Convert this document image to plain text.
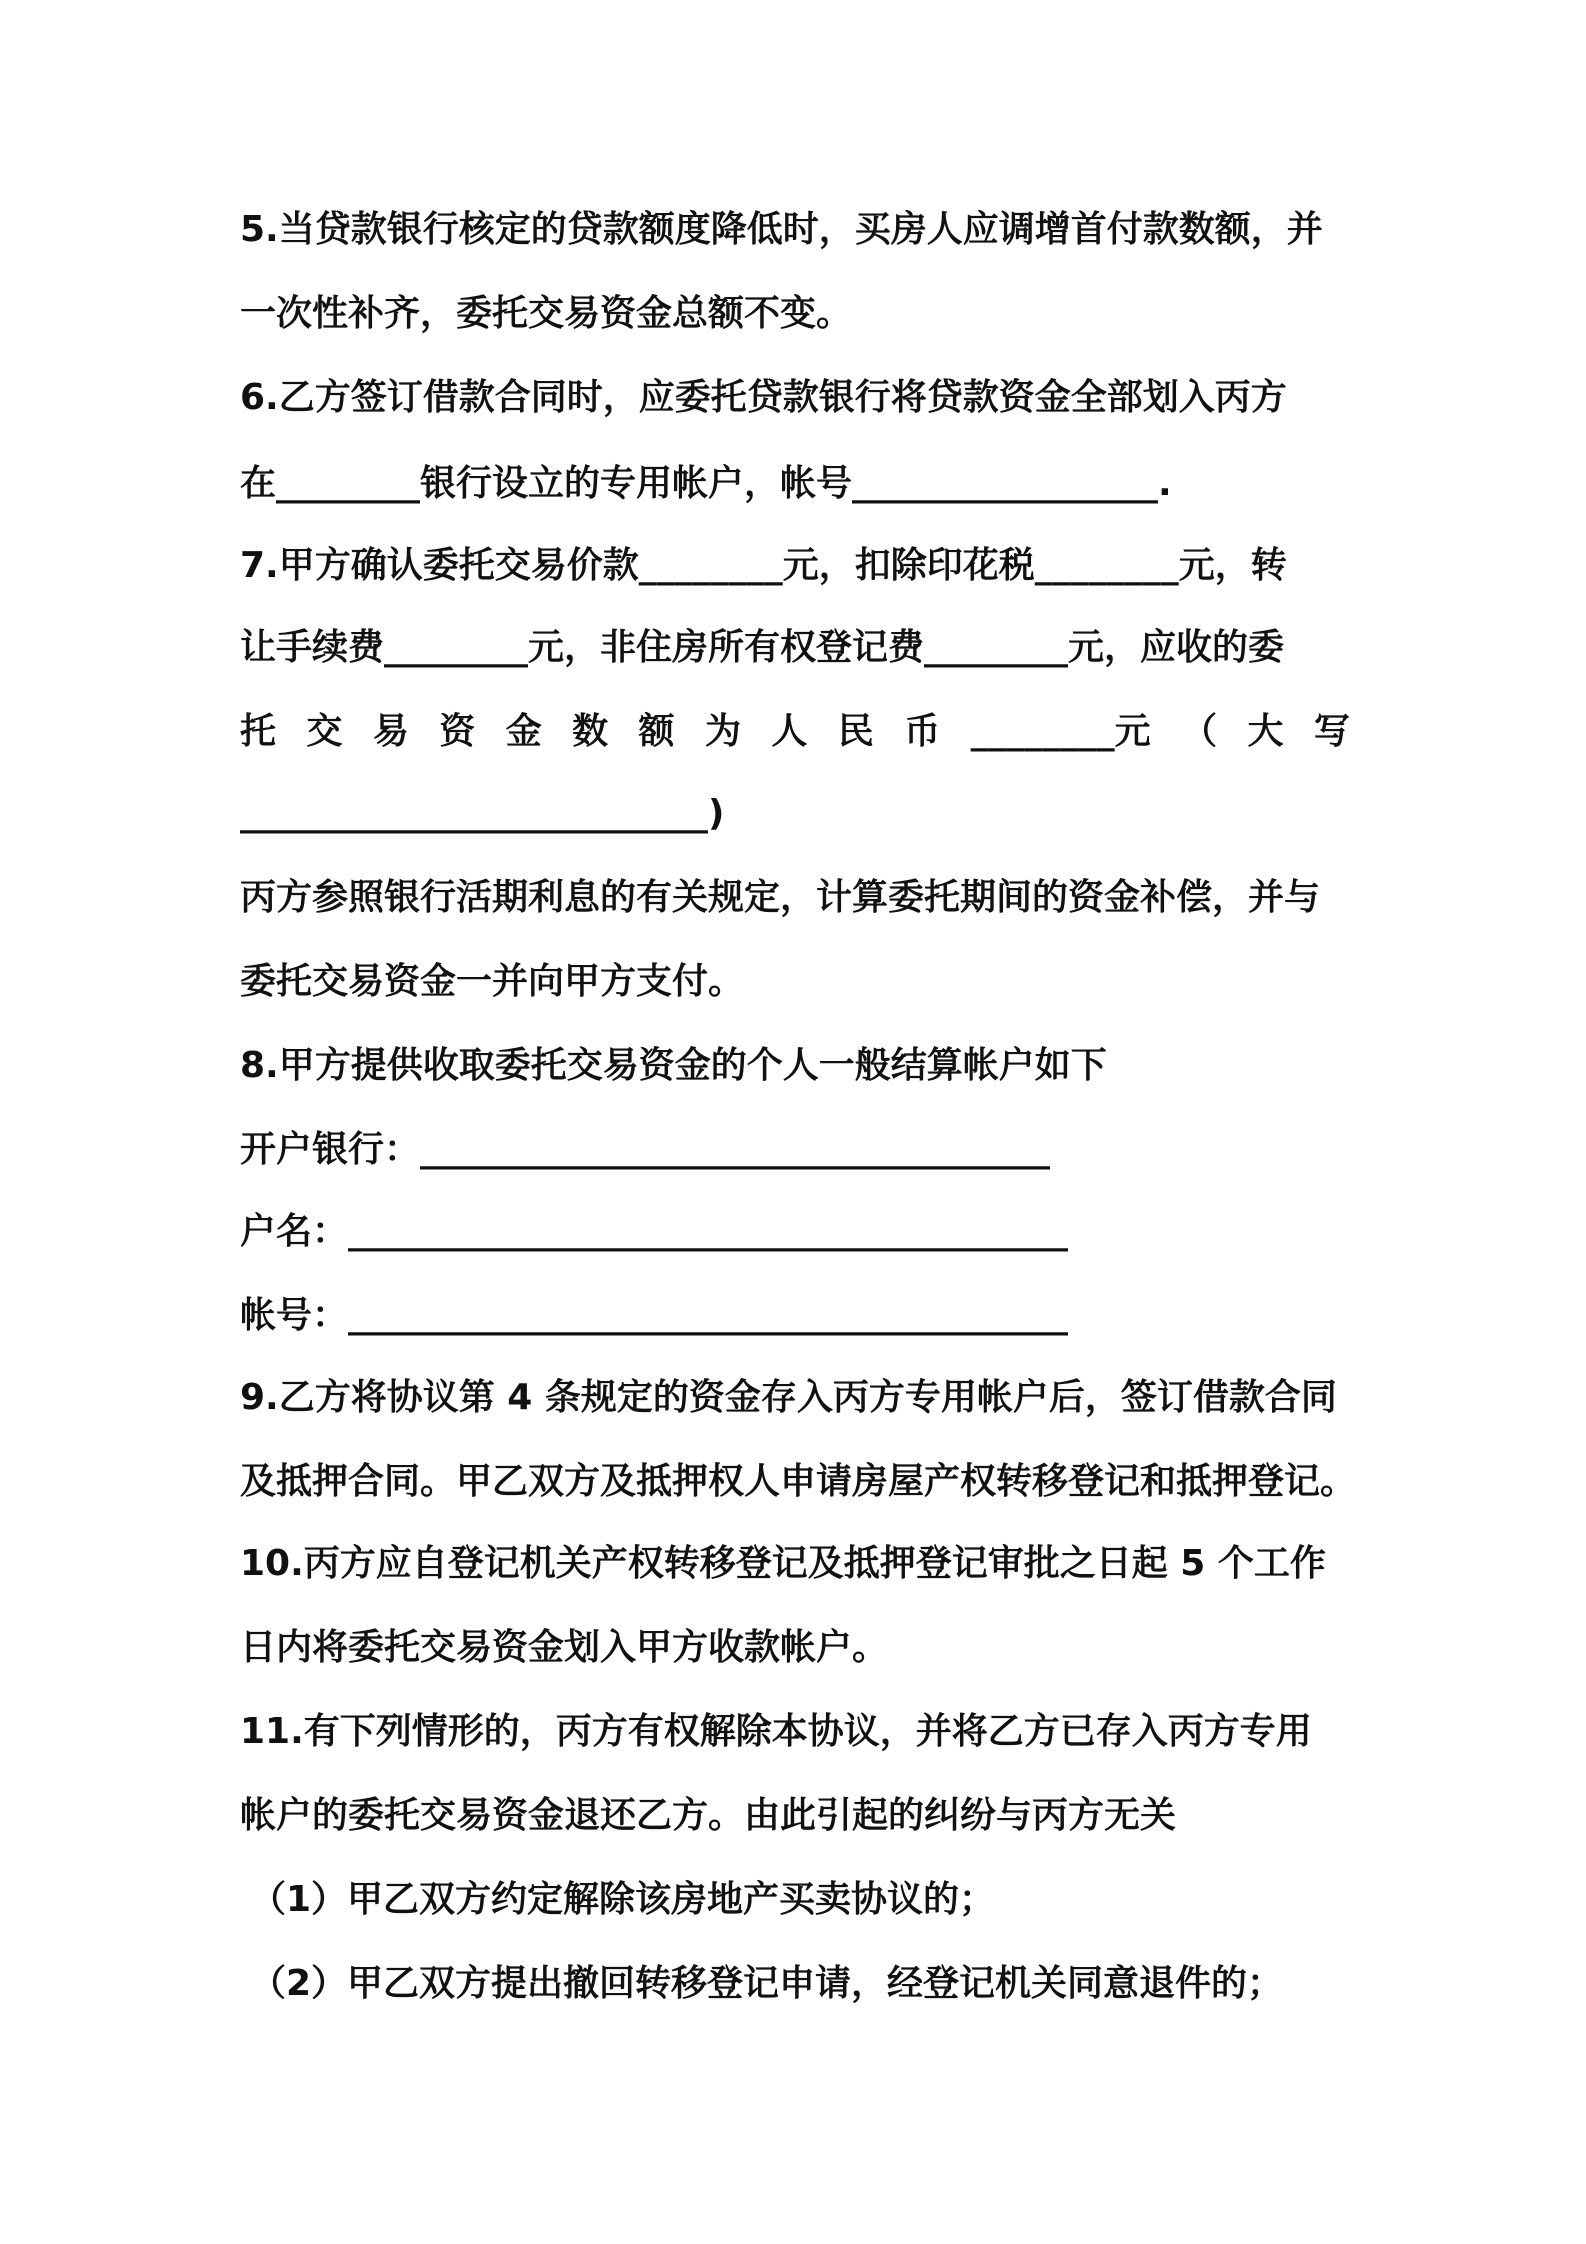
5.当贷款银行核定的贷款额度降低时，买房人应调增首付款数额，并
一次性补齐，委托交易资金总额不变。
6.乙方签订借款合同时，应委托贷款银行将贷款资金全部划入丙方
在________银行设立的专用帐户，帐号_________________.
7.甲方确认委托交易价款________元，扣除印花税________元，转
让手续费________元，非住房所有权登记费________元，应收的委
托 交 易 资 金 数 额 为 人 民 币 ________元 （ 大 写
__________________________)
丙方参照银行活期利息的有关规定，计算委托期间的资金补偿，并与
委托交易资金一并向甲方支付。
8.甲方提供收取委托交易资金的个人一般结算帐户如下
开户银行：___________________________________
户名：________________________________________
帐号：________________________________________
9.乙方将协议第 4 条规定的资金存入丙方专用帐户后，签订借款合同
及抵押合同。甲乙双方及抵押权人申请房屋产权转移登记和抵押登记。
10.丙方应自登记机关产权转移登记及抵押登记审批之日起 5 个工作
日内将委托交易资金划入甲方收款帐户。
11.有下列情形的，丙方有权解除本协议，并将乙方已存入丙方专用
帐户的委托交易资金退还乙方。由此引起的纠纷与丙方无关
（1）甲乙双方约定解除该房地产买卖协议的；
（2）甲乙双方提出撤回转移登记申请，经登记机关同意退件的；
